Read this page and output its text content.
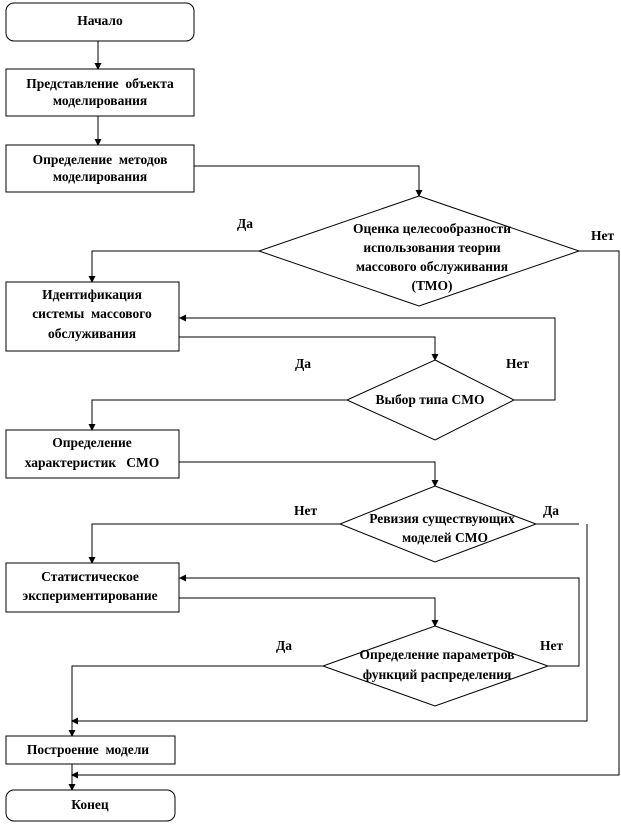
Начало
Представление  объекта
моделирования
Определение  методов
моделирования
Оценка целесообразности
использования теории
массового обслуживания
(ТМО)
Идентификация
системы  массового
обслуживания
Выбор типа СМО
Определение
характеристик   СМО
Ревизия существующих
моделей СМО
Статистическое
экспериментирование
Определение параметров
функций распределения
Построение  модели
Конец
Да
Нет
Да	Нет
Нет	Да
Да	Нет
